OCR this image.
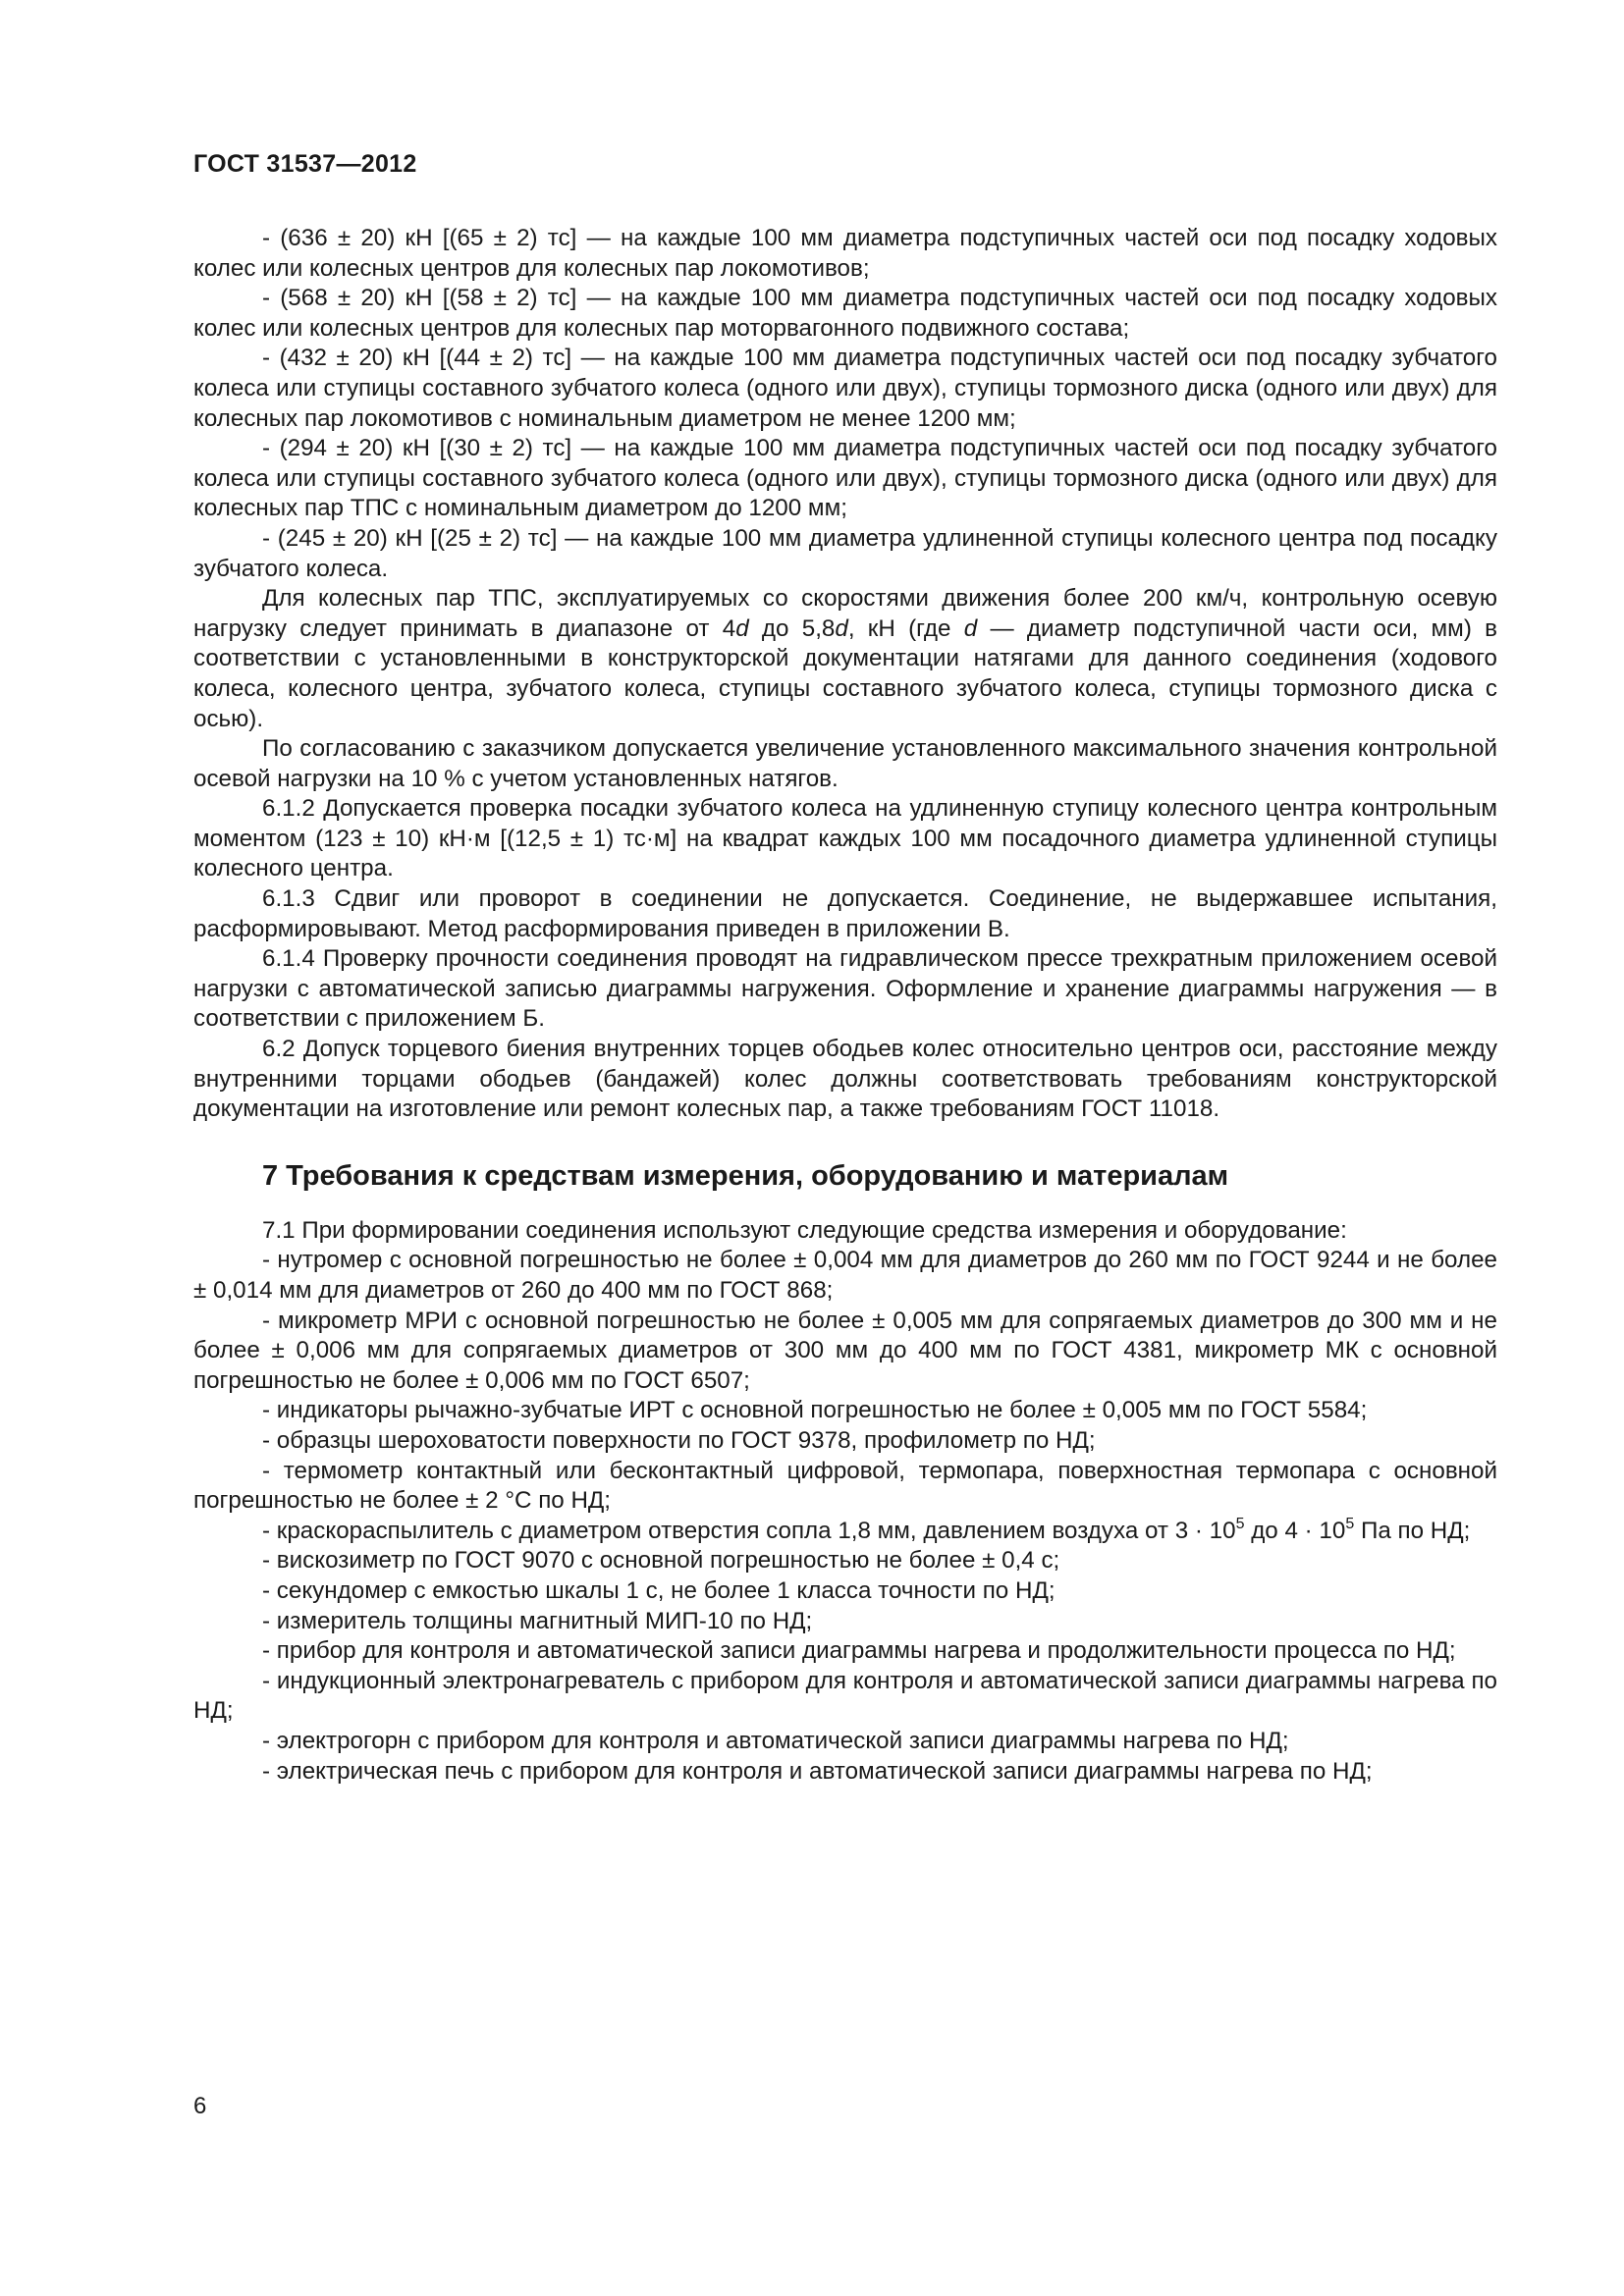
ГОСТ 31537—2012

- (636 ± 20) кН [(65 ± 2) тс] — на каждые 100 мм диаметра подступичных частей оси под посадку ходовых колес или колесных центров для колесных пар локомотивов;

- (568 ± 20) кН [(58 ± 2) тс] — на каждые 100 мм диаметра подступичных частей оси под посадку ходовых колес или колесных центров для колесных пар моторвагонного подвижного состава;

- (432 ± 20) кН [(44 ± 2) тс] — на каждые 100 мм диаметра подступичных частей оси под посадку зубчатого колеса или ступицы составного зубчатого колеса (одного или двух), ступицы тормозного диска (одного или двух) для колесных пар локомотивов с номинальным диаметром не менее 1200 мм;

- (294 ± 20) кН [(30 ± 2) тс] — на каждые 100 мм диаметра подступичных частей оси под посадку зубчатого колеса или ступицы составного зубчатого колеса (одного или двух), ступицы тормозного диска (одного или двух) для колесных пар ТПС с номинальным диаметром до 1200 мм;

- (245 ± 20) кН [(25 ± 2) тс] — на каждые 100 мм диаметра удлиненной ступицы колесного центра под посадку зубчатого колеса.

Для колесных пар ТПС, эксплуатируемых со скоростями движения более 200 км/ч, контрольную осевую нагрузку следует принимать в диапазоне от 4d до 5,8d, кН (где d — диаметр подступичной части оси, мм) в соответствии с установленными в конструкторской документации натягами для данного соединения (ходового колеса, колесного центра, зубчатого колеса, ступицы составного зубчатого колеса, ступицы тормозного диска с осью).

По согласованию с заказчиком допускается увеличение установленного максимального значения контрольной осевой нагрузки на 10 % с учетом установленных натягов.

6.1.2 Допускается проверка посадки зубчатого колеса на удлиненную ступицу колесного центра контрольным моментом (123 ± 10) кН·м [(12,5 ± 1) тс·м] на квадрат каждых 100 мм посадочного диаметра удлиненной ступицы колесного центра.

6.1.3 Сдвиг или проворот в соединении не допускается. Соединение, не выдержавшее испытания, расформировывают. Метод расформирования приведен в приложении В.

6.1.4 Проверку прочности соединения проводят на гидравлическом прессе трехкратным приложением осевой нагрузки с автоматической записью диаграммы нагружения. Оформление и хранение диаграммы нагружения — в соответствии с приложением Б.

6.2 Допуск торцевого биения внутренних торцев ободьев колес относительно центров оси, расстояние между внутренними торцами ободьев (бандажей) колес должны соответствовать требованиям конструкторской документации на изготовление или ремонт колесных пар, а также требованиям ГОСТ 11018.

7 Требования к средствам измерения, оборудованию и материалам

7.1 При формировании соединения используют следующие средства измерения и оборудование:

- нутромер с основной погрешностью не более ± 0,004 мм для диаметров до 260 мм по ГОСТ 9244 и не более ± 0,014 мм для диаметров от 260 до 400 мм по ГОСТ 868;

- микрометр МРИ с основной погрешностью не более ± 0,005 мм для сопрягаемых диаметров до 300 мм и не более ± 0,006 мм для сопрягаемых диаметров от 300 мм до 400 мм по ГОСТ 4381, микрометр МК с основной погрешностью не более ± 0,006 мм по ГОСТ 6507;

- индикаторы рычажно-зубчатые ИРТ с основной погрешностью не более ± 0,005 мм по ГОСТ 5584;

- образцы шероховатости поверхности по ГОСТ 9378, профилометр по НД;

- термометр контактный или бесконтактный цифровой, термопара, поверхностная термопара с основной погрешностью не более ± 2 °С по НД;

- краскораспылитель с диаметром отверстия сопла 1,8 мм, давлением воздуха от $3 \cdot 10^5$ до $4 \cdot 10^5$ Па по НД;

- вискозиметр по ГОСТ 9070 с основной погрешностью не более ± 0,4 с;

- секундомер с емкостью шкалы 1 с, не более 1 класса точности по НД;

- измеритель толщины магнитный МИП-10 по НД;

- прибор для контроля и автоматической записи диаграммы нагрева и продолжительности процесса по НД;

- индукционный электронагреватель с прибором для контроля и автоматической записи диаграммы нагрева по НД;

- электрогорн с прибором для контроля и автоматической записи диаграммы нагрева по НД;

- электрическая печь с прибором для контроля и автоматической записи диаграммы нагрева по НД;

6
